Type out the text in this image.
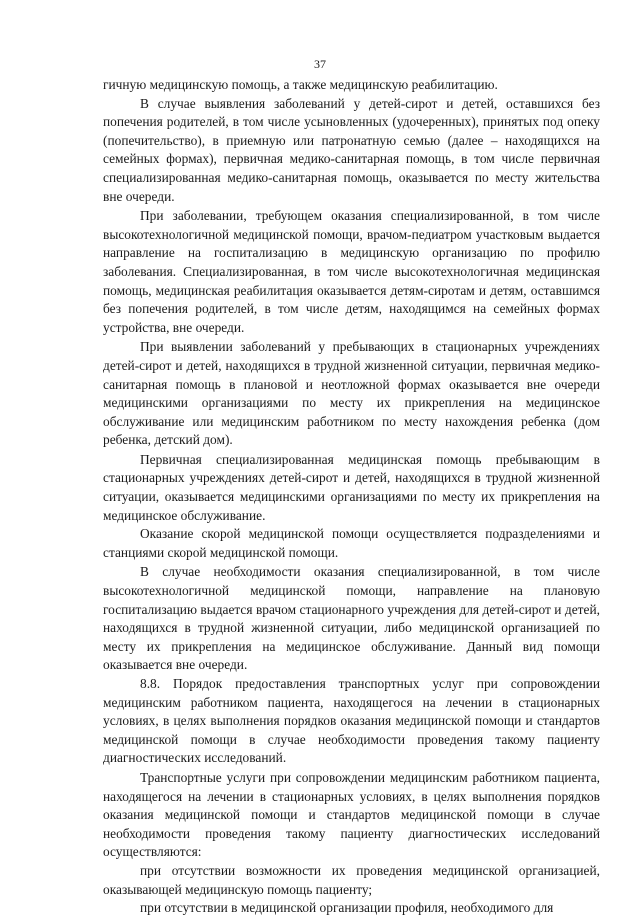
37

гичную медицинскую помощь, а также медицинскую реабилитацию.

В случае выявления заболеваний у детей-сирот и детей, оставшихся без попечения родителей, в том числе усыновленных (удочеренных), принятых под опеку (попечительство), в приемную или патронатную семью (далее – находящихся на семейных формах), первичная медико-санитарная помощь, в том числе первичная специализированная медико-санитарная помощь, оказывается по месту жительства вне очереди.

При заболевании, требующем оказания специализированной, в том числе высокотехнологичной медицинской помощи, врачом-педиатром участковым выдается направление на госпитализацию в медицинскую организацию по профилю заболевания. Специализированная, в том числе высокотехнологичная медицинская помощь, медицинская реабилитация оказывается детям-сиротам и детям, оставшимся без попечения родителей, в том числе детям, находящимся на семейных формах устройства, вне очереди.

При выявлении заболеваний у пребывающих в стационарных учреждениях детей-сирот и детей, находящихся в трудной жизненной ситуации, первичная медико-санитарная помощь в плановой и неотложной формах оказывается вне очереди медицинскими организациями по месту их прикрепления на медицинское обслуживание или медицинским работником по месту нахождения ребенка (дом ребенка, детский дом).

Первичная специализированная медицинская помощь пребывающим в стационарных учреждениях детей-сирот и детей, находящихся в трудной жизненной ситуации, оказывается медицинскими организациями по месту их прикрепления на медицинское обслуживание.

Оказание скорой медицинской помощи осуществляется подразделениями и станциями скорой медицинской помощи.

В случае необходимости оказания специализированной, в том числе высокотехнологичной медицинской помощи, направление на плановую госпитализацию выдается врачом стационарного учреждения для детей-сирот и детей, находящихся в трудной жизненной ситуации, либо медицинской организацией по месту их прикрепления на медицинское обслуживание. Данный вид помощи оказывается вне очереди.

8.8. Порядок предоставления транспортных услуг при сопровождении медицинским работником пациента, находящегося на лечении в стационарных условиях, в целях выполнения порядков оказания медицинской помощи и стандартов медицинской помощи в случае необходимости проведения такому пациенту диагностических исследований.

Транспортные услуги при сопровождении медицинским работником пациента, находящегося на лечении в стационарных условиях, в целях выполнения порядков оказания медицинской помощи и стандартов медицинской помощи в случае необходимости проведения такому пациенту диагностических исследований осуществляются:

при отсутствии возможности их проведения медицинской организацией, оказывающей медицинскую помощь пациенту;

при отсутствии в медицинской организации профиля, необходимого для
